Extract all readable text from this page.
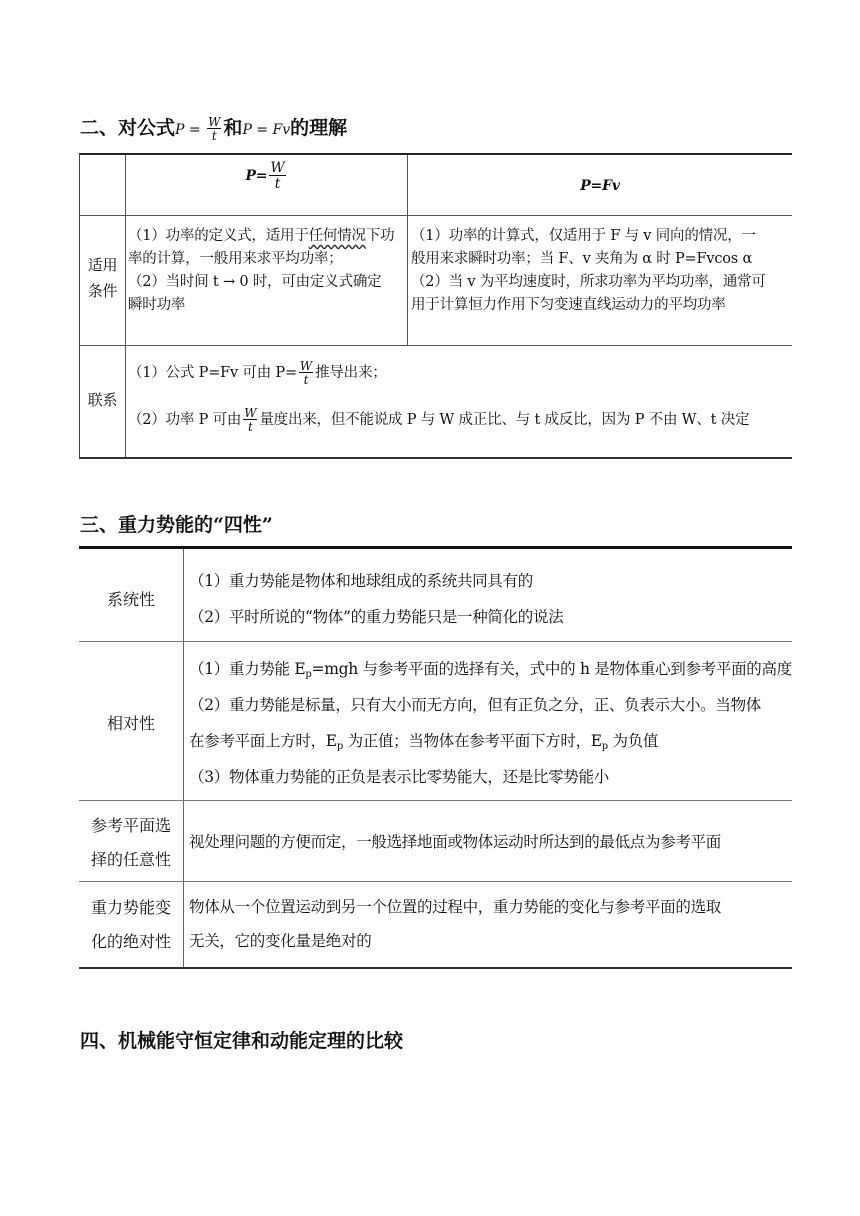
二、对公式$P = \frac{W}{t}$ 和P = Fv的理解
$P= \frac{W}{t}$	P=Fv
适用
条件
（1）功率的定义式，适用于任何情况下功率的计算，一般用来求平均功率；
（2）当时间 t → 0 时，可由定义式确定
瞬时功率
（1）功率的计算式，仅适用于 F 与 v 同向的情况，一
般用来求瞬时功率；当 F、v 夹角为 α 时 P=Fvcos α
（2）当 v 为平均速度时，所求功率为平均功率，通常可
用于计算恒力作用下匀变速直线运动力的平均功率
联系
（1）公式 P=Fv 可由 $P= \frac{W}{t}$ 推导出来；
（2）功率 P 可由 $\frac{W}{t}$ 量度出来，但不能说成 P 与 W 成正比、与 t 成反比，因为 P 不由 W、t 决定
三、重力势能的“四性”
系统性
（1）重力势能是物体和地球组成的系统共同具有的
（2）平时所说的“物体”的重力势能只是一种简化的说法
相对性
（1）重力势能 $E_p=mgh$ 与参考平面的选择有关，式中的 h 是物体重心到参考平面的高度
（2）重力势能是标量，只有大小而无方向，但有正负之分，正、负表示大小。当物体
在参考平面上方时，$E_p$ 为正值；当物体在参考平面下方时，$E_p$ 为负值
（3）物体重力势能的正负是表示比零势能大，还是比零势能小
参考平面选
择的任意性
视处理问题的方便而定，一般选择地面或物体运动时所达到的最低点为参考平面
重力势能变
化的绝对性
物体从一个位置运动到另一个位置的过程中，重力势能的变化与参考平面的选取
无关，它的变化量是绝对的
四、机械能守恒定律和动能定理的比较
